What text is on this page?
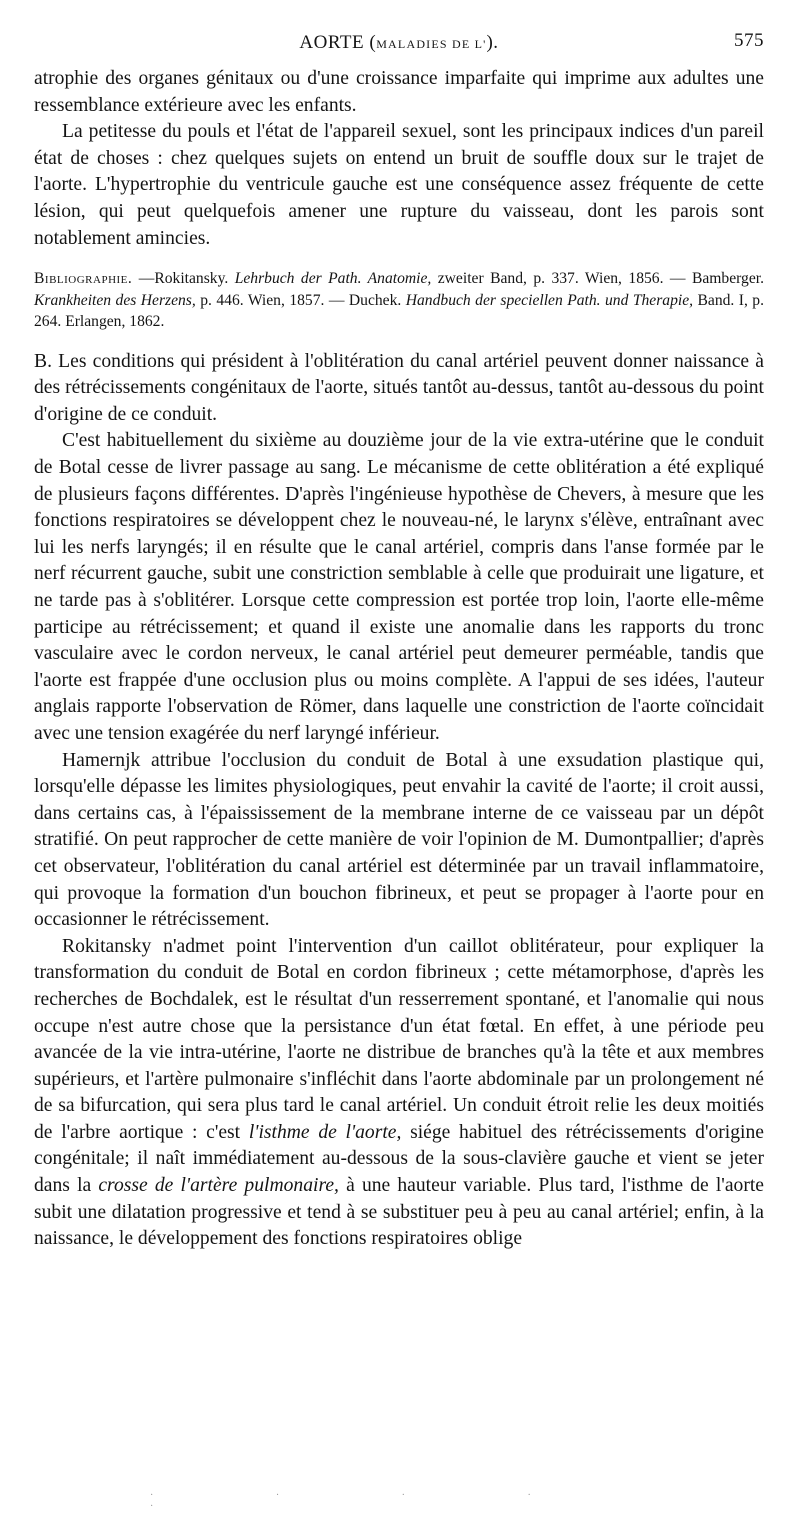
AORTE (MALADIES DE L').	575

atrophie des organes génitaux ou d'une croissance imparfaite qui imprime aux adultes une ressemblance extérieure avec les enfants.

La petitesse du pouls et l'état de l'appareil sexuel, sont les principaux indices d'un pareil état de choses : chez quelques sujets on entend un bruit de souffle doux sur le trajet de l'aorte. L'hypertrophie du ventricule gauche est une conséquence assez fréquente de cette lésion, qui peut quelquefois amener une rupture du vaisseau, dont les parois sont notablement amincies.

Bibliographie. —Rokitansky. Lehrbuch der Path. Anatomie, zweiter Band, p. 337. Wien, 1856. — Bamberger. Krankheiten des Herzens, p. 446. Wien, 1857. — Duchek. Handbuch der speciellen Path. und Therapie, Band. I, p. 264. Erlangen, 1862.

B. Les conditions qui président à l'oblitération du canal artériel peuvent donner naissance à des rétrécissements congénitaux de l'aorte, situés tantôt au-dessus, tantôt au-dessous du point d'origine de ce conduit.

C'est habituellement du sixième au douzième jour de la vie extra-utérine que le conduit de Botal cesse de livrer passage au sang. Le mécanisme de cette oblitération a été expliqué de plusieurs façons différentes. D'après l'ingénieuse hypothèse de Chevers, à mesure que les fonctions respiratoires se développent chez le nouveau-né, le larynx s'élève, entraînant avec lui les nerfs laryngés; il en résulte que le canal artériel, compris dans l'anse formée par le nerf récurrent gauche, subit une constriction semblable à celle que produirait une ligature, et ne tarde pas à s'oblitérer. Lorsque cette compression est portée trop loin, l'aorte elle-même participe au rétrécissement; et quand il existe une anomalie dans les rapports du tronc vasculaire avec le cordon nerveux, le canal artériel peut demeurer perméable, tandis que l'aorte est frappée d'une occlusion plus ou moins complète. A l'appui de ses idées, l'auteur anglais rapporte l'observation de Römer, dans laquelle une constriction de l'aorte coïncidait avec une tension exagérée du nerf laryngé inférieur.

Hamernjk attribue l'occlusion du conduit de Botal à une exsudation plastique qui, lorsqu'elle dépasse les limites physiologiques, peut envahir la cavité de l'aorte; il croit aussi, dans certains cas, à l'épaississement de la membrane interne de ce vaisseau par un dépôt stratifié. On peut rapprocher de cette manière de voir l'opinion de M. Dumontpallier; d'après cet observateur, l'oblitération du canal artériel est déterminée par un travail inflammatoire, qui provoque la formation d'un bouchon fibrineux, et peut se propager à l'aorte pour en occasionner le rétrécissement.

Rokitansky n'admet point l'intervention d'un caillot oblitérateur, pour expliquer la transformation du conduit de Botal en cordon fibrineux ; cette métamorphose, d'après les recherches de Bochdalek, est le résultat d'un resserrement spontané, et l'anomalie qui nous occupe n'est autre chose que la persistance d'un état fœtal. En effet, à une période peu avancée de la vie intra-utérine, l'aorte ne distribue de branches qu'à la tête et aux membres supérieurs, et l'artère pulmonaire s'infléchit dans l'aorte abdominale par un prolongement né de sa bifurcation, qui sera plus tard le canal artériel. Un conduit étroit relie les deux moitiés de l'arbre aortique : c'est l'isthme de l'aorte, siége habituel des rétrécissements d'origine congénitale; il naît immédiatement au-dessous de la sous-clavière gauche et vient se jeter dans la crosse de l'artère pulmonaire, à une hauteur variable. Plus tard, l'isthme de l'aorte subit une dilatation progressive et tend à se substituer peu à peu au canal artériel; enfin, à la naissance, le développement des fonctions respiratoires oblige

· · · · ·
